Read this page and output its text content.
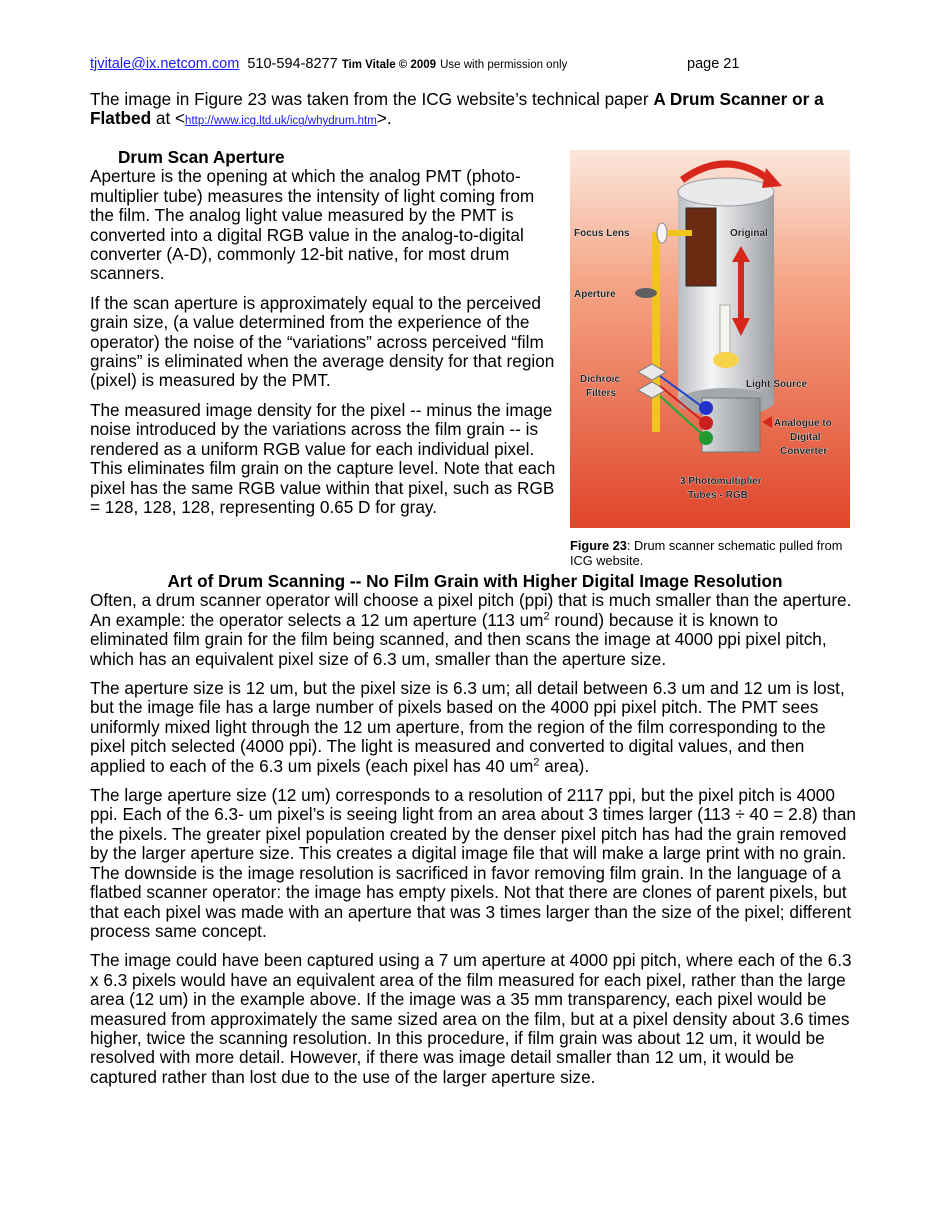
tjvitale@ix.netcom.com 510-594-8277 Tim Vitale © 2009 Use with permission only	page 21

The image in Figure 23 was taken from the ICG website’s technical paper A Drum Scanner or a Flatbed at <http://www.icg.ltd.uk/icg/whydrum.htm>.

Drum Scan Aperture

Aperture is the opening at which the analog PMT (photo-multiplier tube) measures the intensity of light coming from the film. The analog light value measured by the PMT is converted into a digital RGB value in the analog-to-digital converter (A-D), commonly 12-bit native, for most drum scanners.

If the scan aperture is approximately equal to the perceived grain size, (a value determined from the experience of the operator) the noise of the “variations” across perceived “film grains” is eliminated when the average density for that region (pixel) is measured by the PMT.

The measured image density for the pixel -- minus the image noise introduced by the variations across the film grain -- is rendered as a uniform RGB value for each individual pixel. This eliminates film grain on the capture level. Note that each pixel has the same RGB value within that pixel, such as RGB = 128, 128, 128, representing 0.65 D for gray.

Focus Lens	Original
Aperture
Dichroic
Filters
Light Source
Analogue to
Digital
Converter
3 Photomultiplier
Tubes - RGB
Figure 23: Drum scanner schematic pulled from ICG website.
Art of Drum Scanning -- No Film Grain with Higher Digital Image Resolution

Often, a drum scanner operator will choose a pixel pitch (ppi) that is much smaller than the aperture. An example: the operator selects a 12 um aperture (113 $um^2$ round) because it is known to eliminated film grain for the film being scanned, and then scans the image at 4000 ppi pixel pitch, which has an equivalent pixel size of 6.3 um, smaller than the aperture size.

The aperture size is 12 um, but the pixel size is 6.3 um; all detail between 6.3 um and 12 um is lost, but the image file has a large number of pixels based on the 4000 ppi pixel pitch. The PMT sees uniformly mixed light through the 12 um aperture, from the region of the film corresponding to the pixel pitch selected (4000 ppi). The light is measured and converted to digital values, and then applied to each of the 6.3 um pixels (each pixel has 40 $um^2$ area).

The large aperture size (12 um) corresponds to a resolution of 2117 ppi, but the pixel pitch is 4000 ppi. Each of the 6.3- um pixel’s is seeing light from an area about 3 times larger (113 ÷ 40 = 2.8) than the pixels. The greater pixel population created by the denser pixel pitch has had the grain removed by the larger aperture size. This creates a digital image file that will make a large print with no grain. The downside is the image resolution is sacrificed in favor removing film grain. In the language of a flatbed scanner operator: the image has empty pixels. Not that there are clones of parent pixels, but that each pixel was made with an aperture that was 3 times larger than the size of the pixel; different process same concept.

The image could have been captured using a 7 um aperture at 4000 ppi pitch, where each of the 6.3 x 6.3 pixels would have an equivalent area of the film measured for each pixel, rather than the large area (12 um) in the example above. If the image was a 35 mm transparency, each pixel would be measured from approximately the same sized area on the film, but at a pixel density about 3.6 times higher, twice the scanning resolution. In this procedure, if film grain was about 12 um, it would be resolved with more detail. However, if there was image detail smaller than 12 um, it would be captured rather than lost due to the use of the larger aperture size.
